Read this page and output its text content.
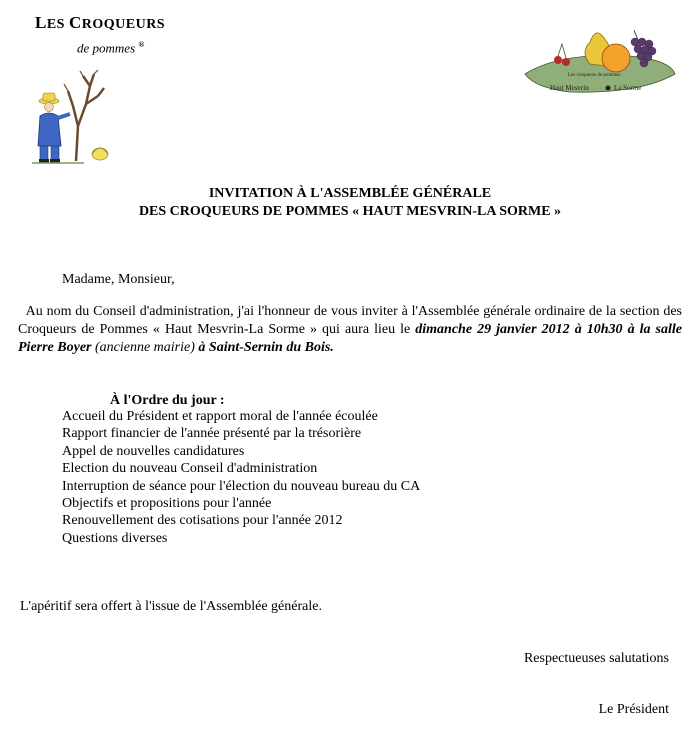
LES CROQUEURS
de pommes ®
Les croqueurs de pommes
Haut Mesvrin	La Sorme
INVITATION À L'ASSEMBLÉE GÉNÉRALE
DES CROQUEURS DE POMMES « HAUT MESVRIN-LA SORME »
Madame, Monsieur,
Au nom du Conseil d'administration, j'ai l'honneur de vous inviter à l'Assemblée générale ordinaire de la section des Croqueurs de Pommes « Haut Mesvrin-La Sorme » qui aura lieu le dimanche 29 janvier 2012 à 10h30 à la salle Pierre Boyer (ancienne mairie) à Saint-Sernin du Bois.
À l'Ordre du jour :
Accueil du Président et rapport moral de l'année écoulée
Rapport financier de l'année présenté par la trésorière
Appel de nouvelles candidatures
Election du nouveau Conseil d'administration
Interruption de séance pour l'élection du nouveau bureau du CA
Objectifs et propositions pour l'année
Renouvellement des cotisations pour l'année 2012
Questions diverses
L'apéritif sera offert à l'issue de l'Assemblée générale.
Respectueuses salutations
Le Président
